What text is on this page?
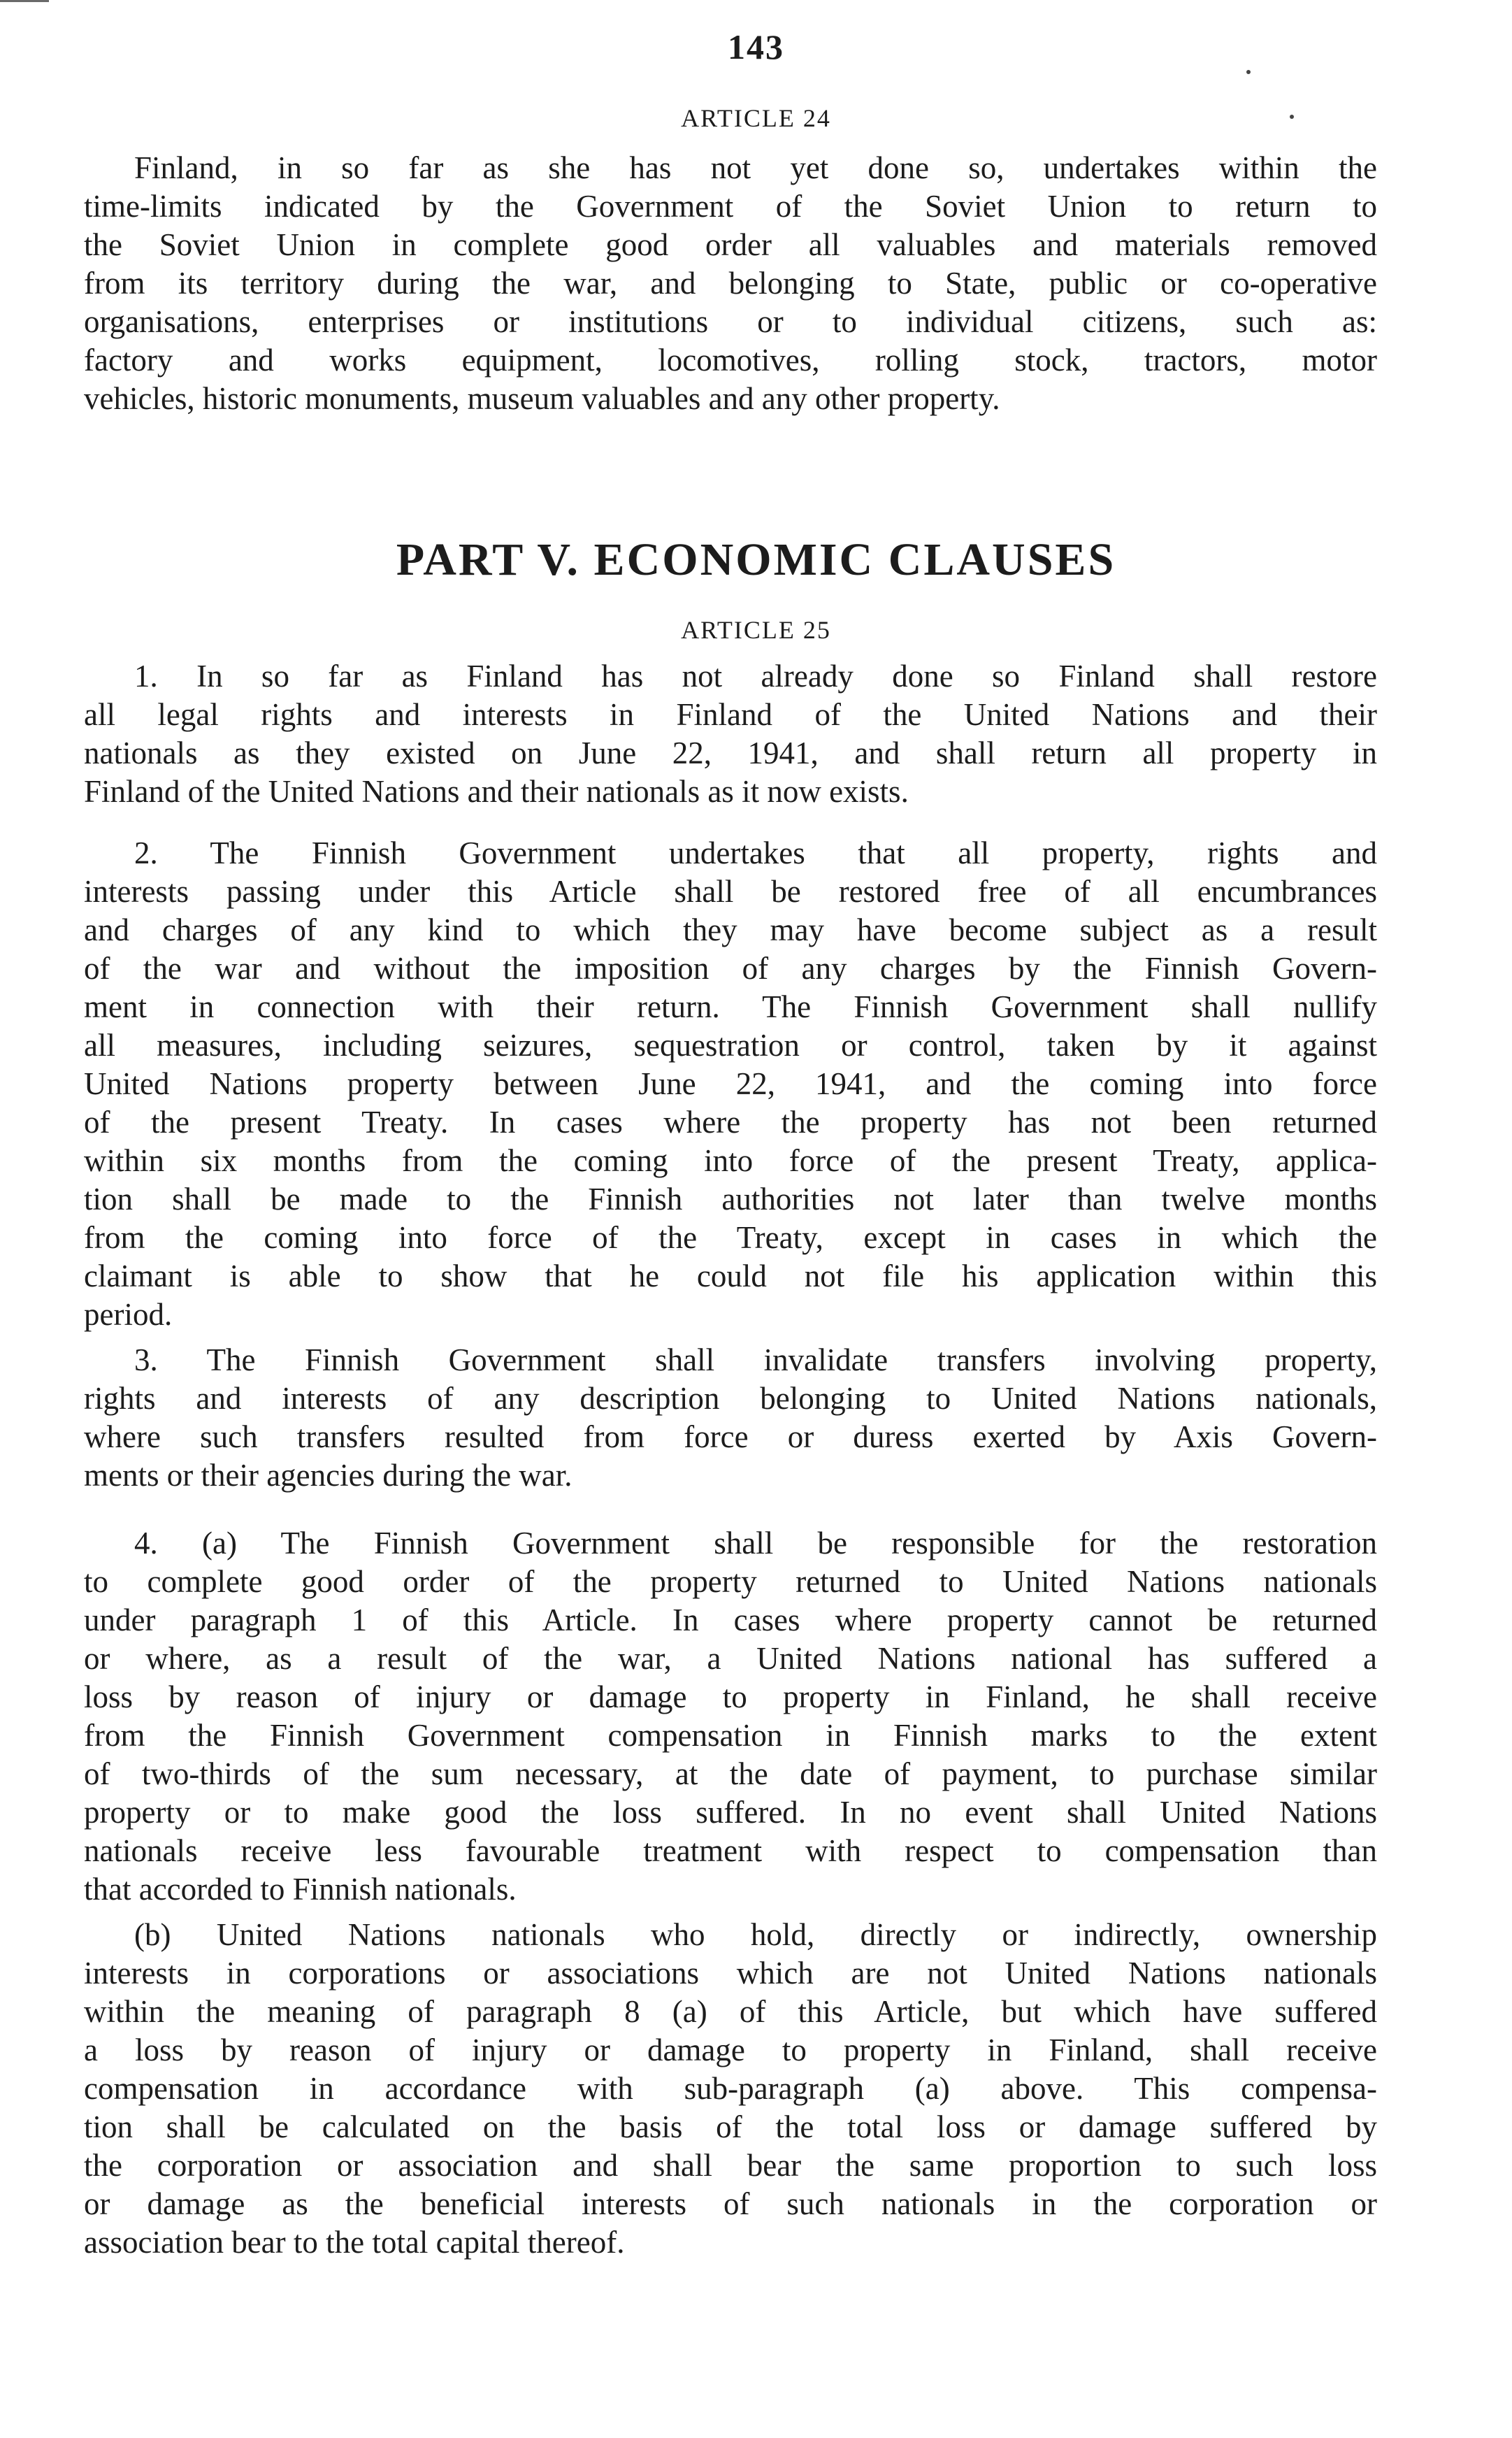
143
ARTICLE 24
Finland, in so far as she has not yet done so, undertakes within the
time-limits indicated by the Government of the Soviet Union to return to
the Soviet Union in complete good order all valuables and materials removed
from its territory during the war, and belonging to State, public or co-operative
organisations, enterprises or institutions or to individual citizens, such as:
factory and works equipment, locomotives, rolling stock, tractors, motor
vehicles, historic monuments, museum valuables and any other property.
PART V. ECONOMIC CLAUSES
ARTICLE 25
1. In so far as Finland has not already done so Finland shall restore
all legal rights and interests in Finland of the United Nations and their
nationals as they existed on June 22, 1941, and shall return all property in
Finland of the United Nations and their nationals as it now exists.
2. The Finnish Government undertakes that all property, rights and
interests passing under this Article shall be restored free of all encumbrances
and charges of any kind to which they may have become subject as a result
of the war and without the imposition of any charges by the Finnish Govern-
ment in connection with their return. The Finnish Government shall nullify
all measures, including seizures, sequestration or control, taken by it against
United Nations property between June 22, 1941, and the coming into force
of the present Treaty. In cases where the property has not been returned
within six months from the coming into force of the present Treaty, applica-
tion shall be made to the Finnish authorities not later than twelve months
from the coming into force of the Treaty, except in cases in which the
claimant is able to show that he could not file his application within this
period.
3. The Finnish Government shall invalidate transfers involving property,
rights and interests of any description belonging to United Nations nationals,
where such transfers resulted from force or duress exerted by Axis Govern-
ments or their agencies during the war.
4. (a) The Finnish Government shall be responsible for the restoration
to complete good order of the property returned to United Nations nationals
under paragraph 1 of this Article. In cases where property cannot be returned
or where, as a result of the war, a United Nations national has suffered a
loss by reason of injury or damage to property in Finland, he shall receive
from the Finnish Government compensation in Finnish marks to the extent
of two-thirds of the sum necessary, at the date of payment, to purchase similar
property or to make good the loss suffered. In no event shall United Nations
nationals receive less favourable treatment with respect to compensation than
that accorded to Finnish nationals.
(b) United Nations nationals who hold, directly or indirectly, ownership
interests in corporations or associations which are not United Nations nationals
within the meaning of paragraph 8 (a) of this Article, but which have suffered
a loss by reason of injury or damage to property in Finland, shall receive
compensation in accordance with sub-paragraph (a) above. This compensa-
tion shall be calculated on the basis of the total loss or damage suffered by
the corporation or association and shall bear the same proportion to such loss
or damage as the beneficial interests of such nationals in the corporation or
association bear to the total capital thereof.
